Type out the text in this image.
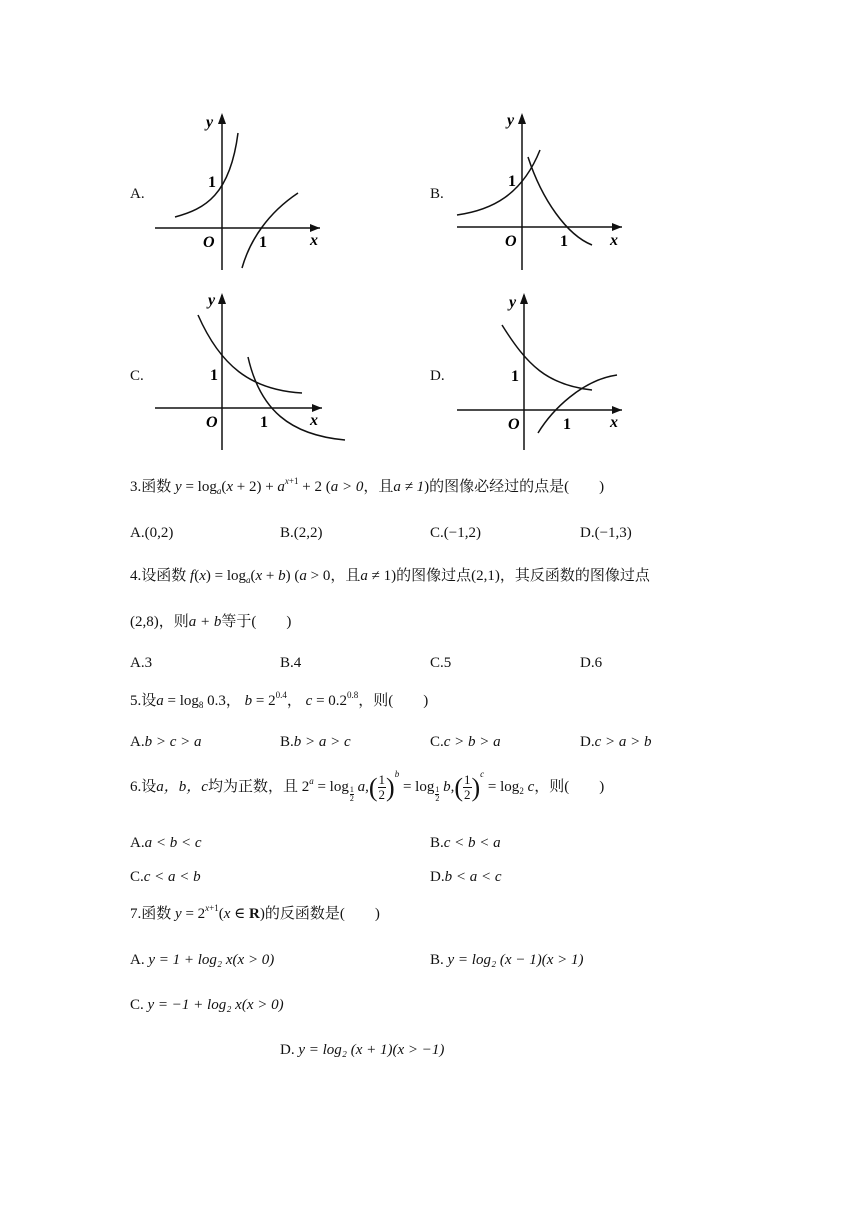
A.
y
x
O
1
1
B.
y
x
O
1
1
C.
y
x
O
1
1
D.
y
x
O
1
1
3.函数 $y = \log_a(x + 2) + a^{x+1} + 2$ (a > 0，且a ≠ 1)的图像必经过的点是(　　)
A.(0,2)	B.(2,2)	C.(−1,2)	D.(−1,3)
4.设函数 $f(x) = \log_a(x + b) (a > 0$，且a ≠ 1)的图像过点(2,1)，其反函数的图像过点
(2,8)，则a + b等于(　　)
A.3	B.4	C.5	D.6
5.设$a = \log_8 0.3$， $b = 2^{0.4}$， $c = 0.2^{0.8}$，则(　　)
A.b > c > a	B.b > a > c	C.c > b > a	D.c > a > b
6.设a，b，c均为正数，且 $2^a = \log \frac{1}{2} a,( \frac{1}{2} )^b = \log \frac{1}{2} b,( \frac{1}{2} )^c = \log_2 c$，则(　　)
A.a < b < c	B.c < b < a
C.c < a < b	D.b < a < c
7.函数 $y = 2^{x+1}(x$ ∈ R)的反函数是(　　)
A. y = 1 + log₂ x(x > 0)	B. y = log₂ (x − 1)(x > 1)
C. y = −1 + log₂ x(x > 0)
D. y = log₂ (x + 1)(x > −1)
